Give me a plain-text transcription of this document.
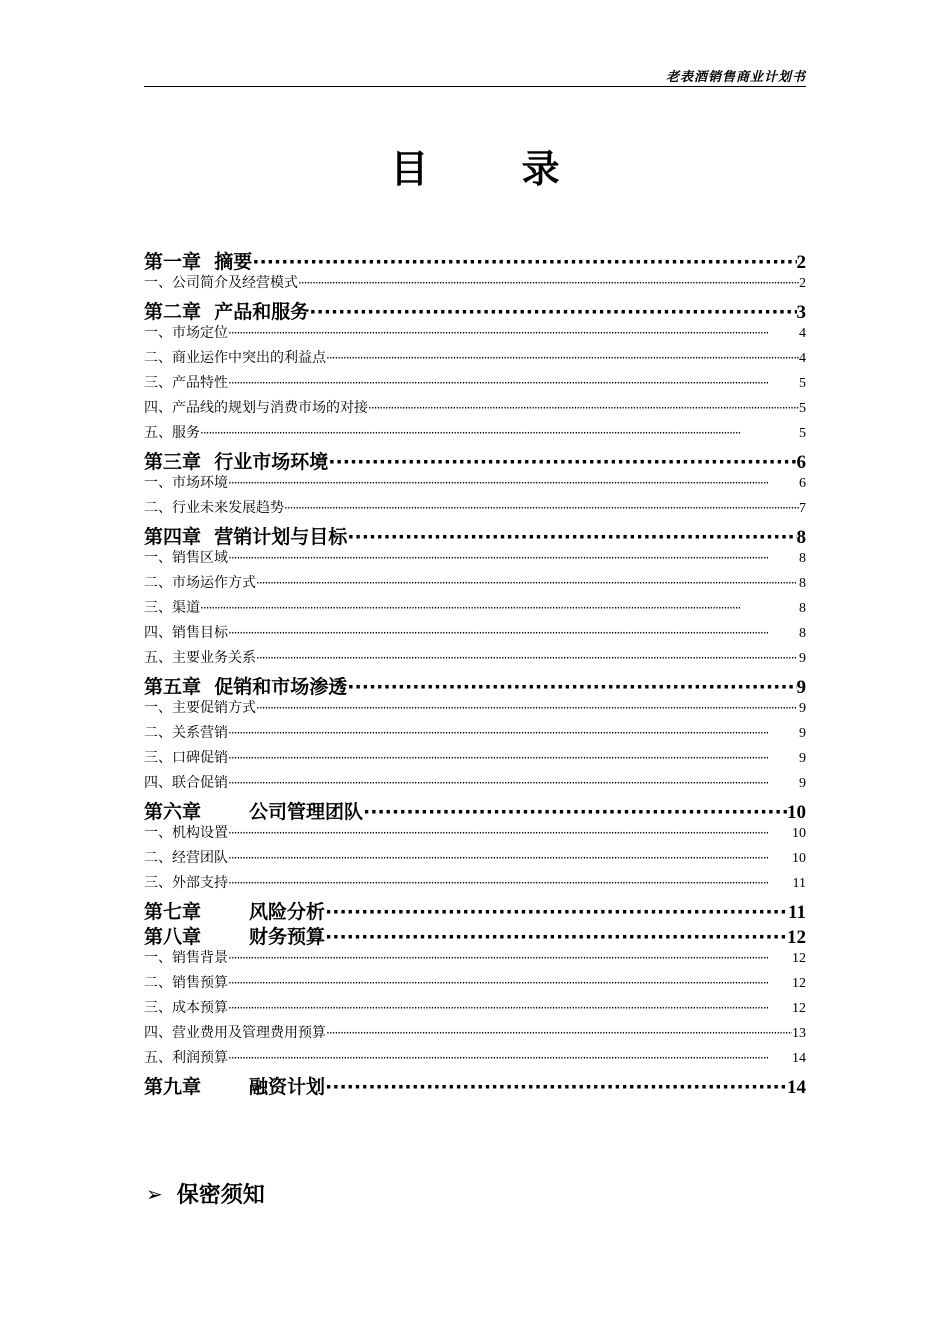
老表酒销售商业计划书
目 录
第一章 摘要 ·····	2
一、公司简介及经营模式 ·····	2
第二章 产品和服务 ·····	3
一、市场定位 ·····	4
二、商业运作中突出的利益点 ·····	4
三、产品特性 ·····	5
四、产品线的规划与消费市场的对接 ·····	5
五、服务 ·····	5
第三章 行业市场环境 ·····	6
一、市场环境 ·····	6
二、行业未来发展趋势 ·····	7
第四章 营销计划与目标 ·····	8
一、销售区域 ·····	8
二、市场运作方式 ·····	8
三、渠道 ·····	8
四、销售目标 ·····	8
五、主要业务关系 ·····	9
第五章 促销和市场渗透 ·····	9
一、主要促销方式 ·····	9
二、关系营销 ·····	9
三、口碑促销 ·····	9
四、联合促销 ·····	9
第六章	公司管理团队 ·····	10
一、机构设置 ·····	10
二、经营团队 ·····	10
三、外部支持 ·····	11
第七章	风险分析 ·····	11
第八章	财务预算 ·····	12
一、销售背景 ·····	12
二、销售预算 ·····	12
三、成本预算 ·····	12
四、营业费用及管理费用预算 ·····	13
五、利润预算 ·····	14
第九章	融资计划 ·····	14
➢ 保密须知
